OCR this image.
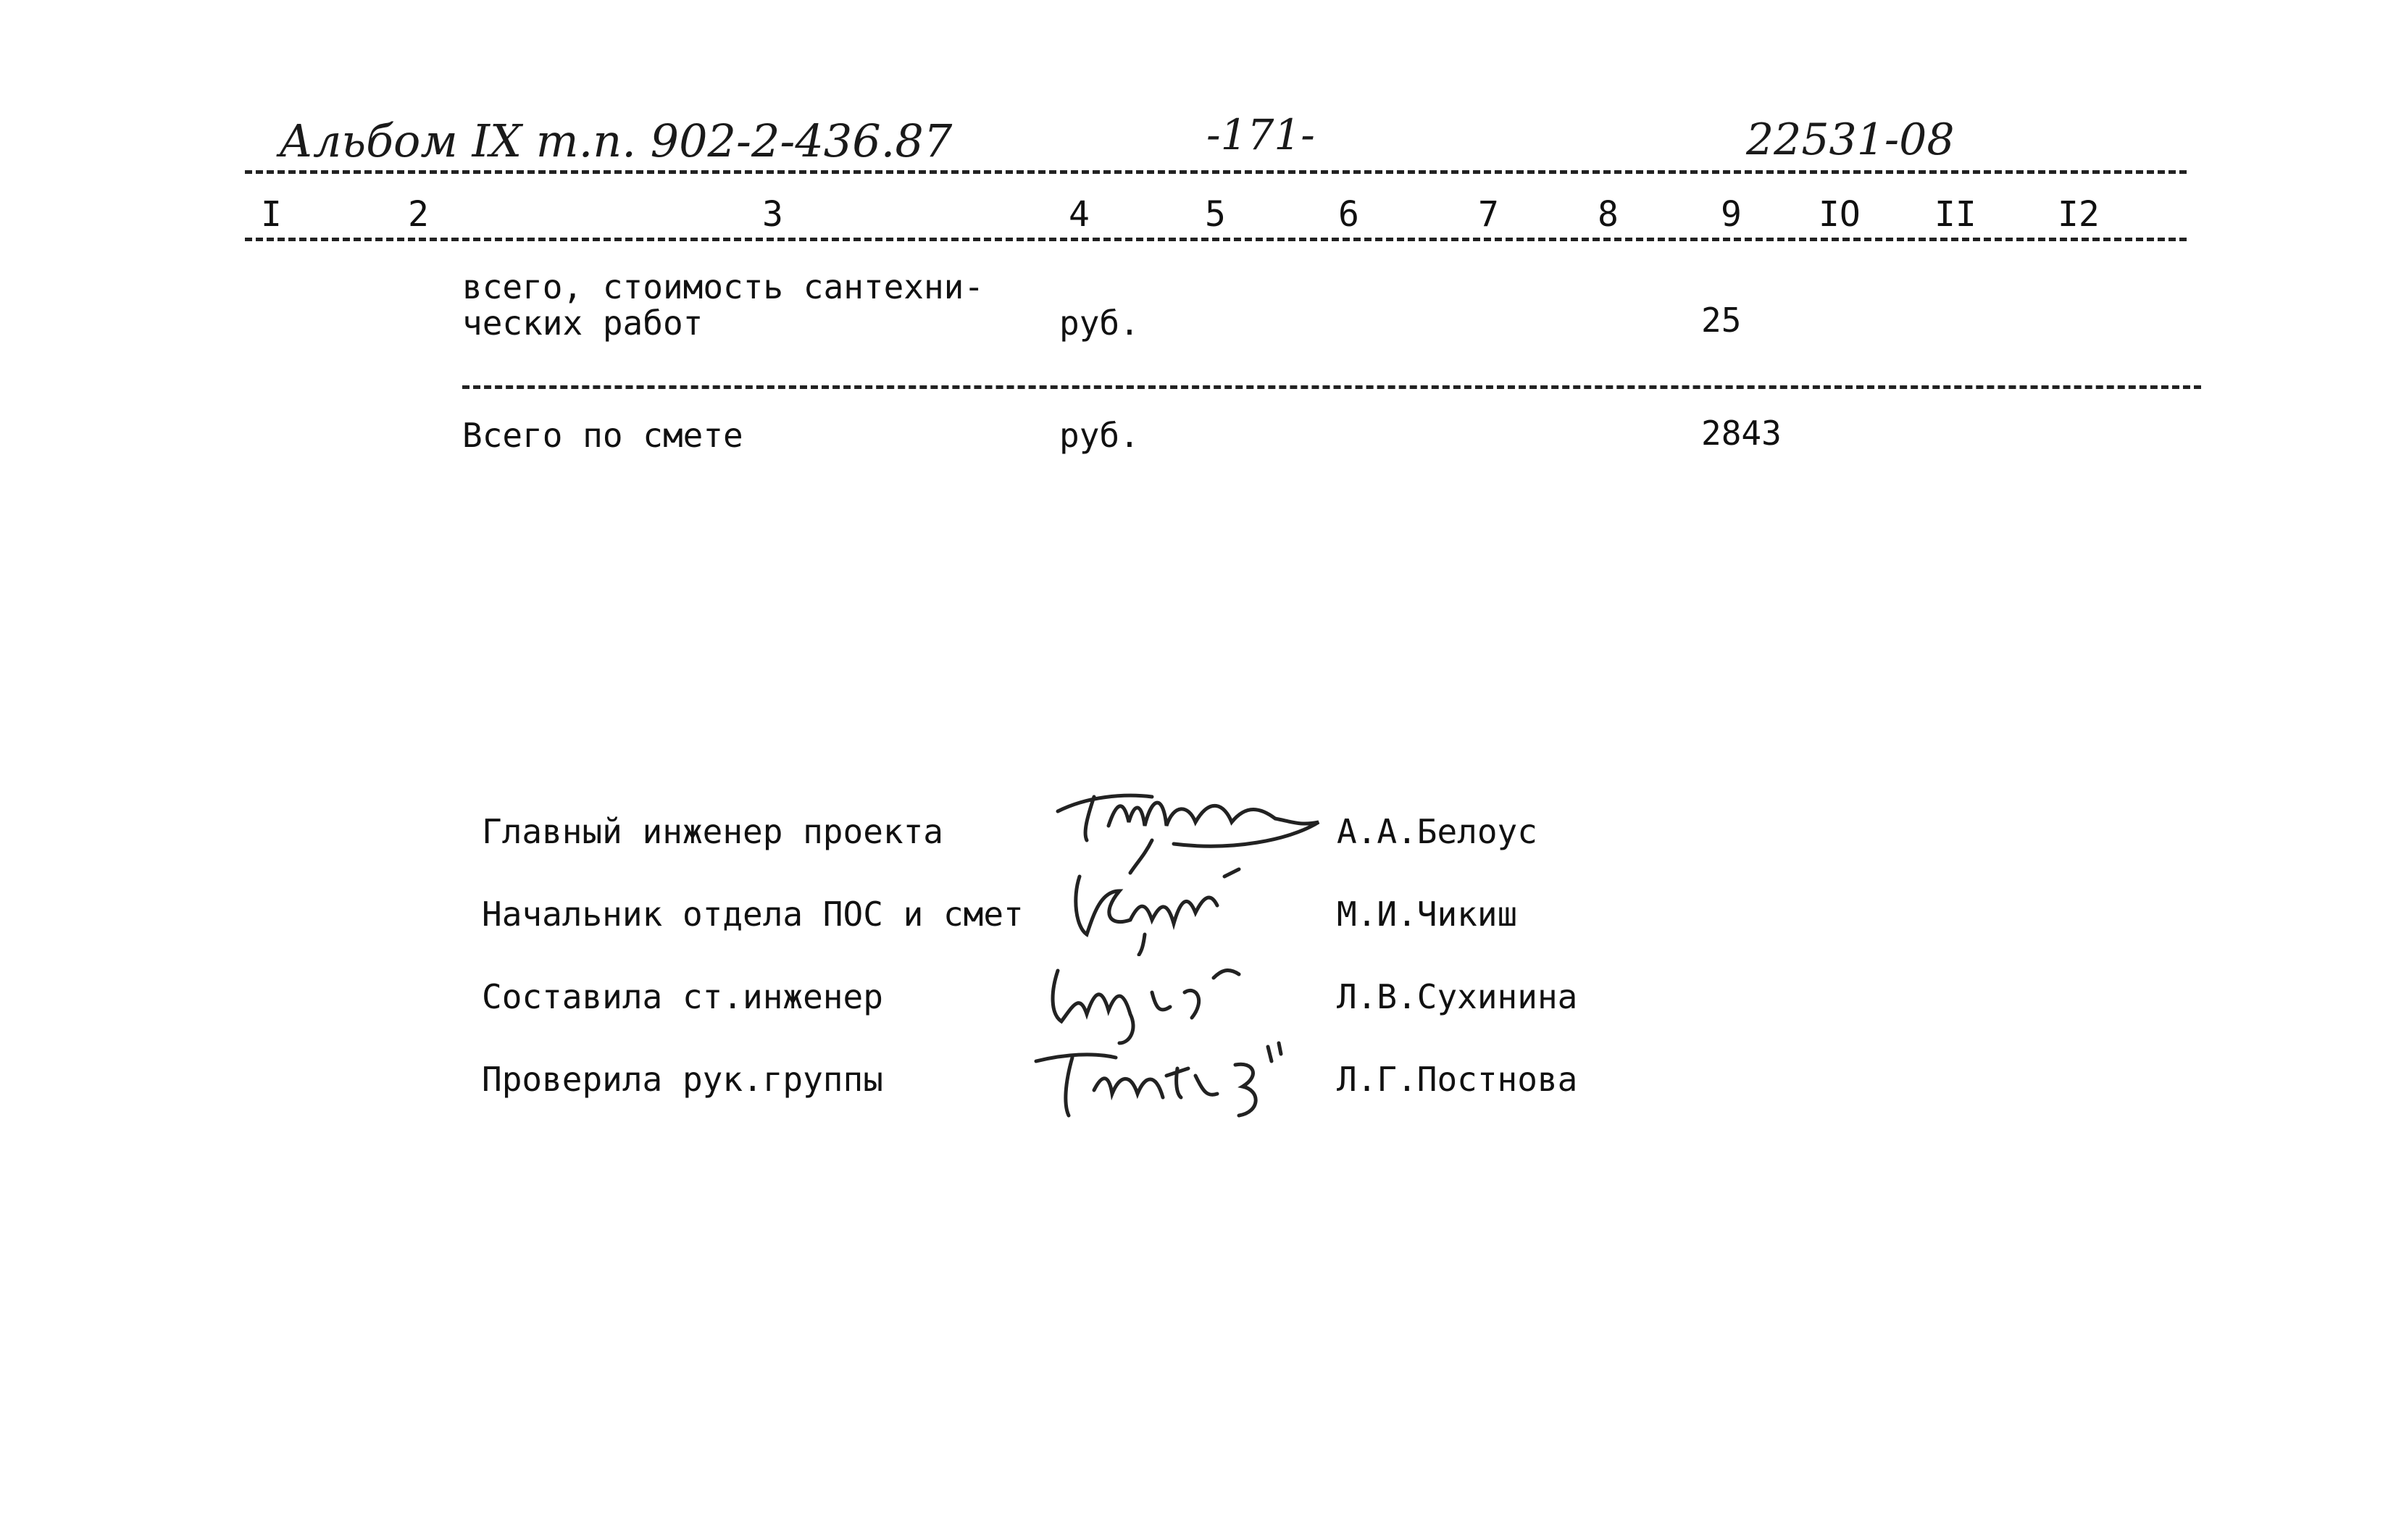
Альбом IX т.п. 902-2-436.87	-171-	22531-08
I	2	3	4	5	6	7	8	9 IO II I2
всего, стоимость сантехни-
ческих работ	руб.	25
Всего по смете	руб.	2843
Главный инженер проекта	А.А.Белоус
Начальник отдела ПОС и смет	М.И.Чикиш
Составила ст.инженер	Л.В.Сухинина
Проверила рук.группы	Л.Г.Постнова
